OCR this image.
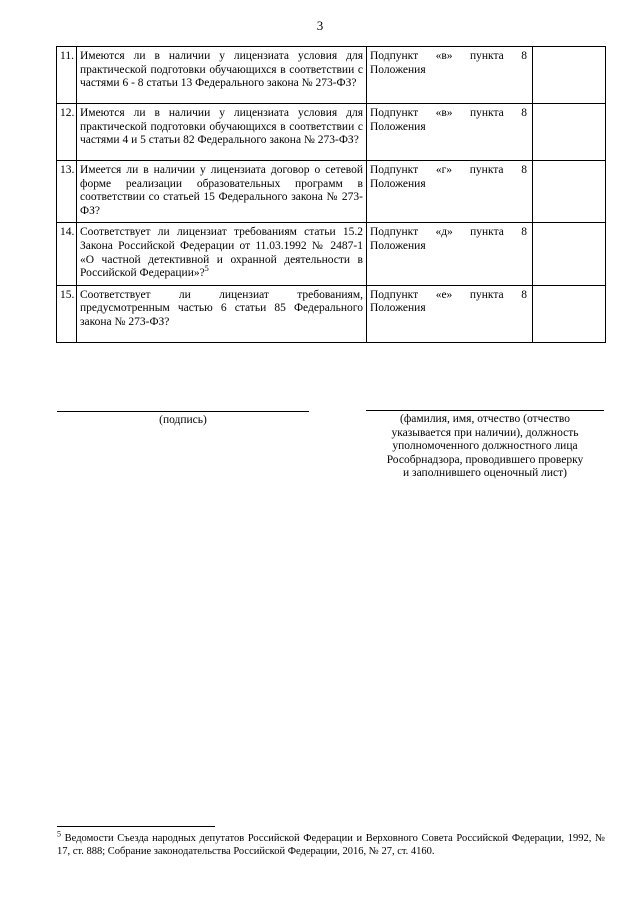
3
11.	Имеются ли в наличии у лицензиата условия для практической подготовки обучающихся в соответствии с частями 6 - 8 статьи 13 Федерального закона № 273-ФЗ?	Подпункт «в» пункта 8
Положения	

12.	Имеются ли в наличии у лицензиата условия для практической подготовки обучающихся в соответствии с частями 4 и 5 статьи 82 Федерального закона № 273-ФЗ?	Подпункт «в» пункта 8
Положения	

13.	Имеется ли в наличии у лицензиата договор о сетевой форме реализации образовательных программ в соответствии со статьей 15 Федерального закона № 273-ФЗ?	Подпункт «г» пункта 8
Положения	

14.	Соответствует ли лицензиат требованиям статьи 15.2 Закона Российской Федерации от 11.03.1992 № 2487-1 «О частной детективной и охранной деятельности в Российской Федерации»?$^5$	Подпункт «д» пункта 8
Положения	

15.	Соответствует ли лицензиат требованиям, предусмотренным частью 6 статьи 85 Федерального закона № 273-ФЗ?	Подпункт «е» пункта 8
Положения	

(подпись)	(фамилия, имя, отчество (отчество
указывается при наличии), должность
уполномоченного должностного лица
Рособрнадзора, проводившего проверку
и заполнившего оценочный лист)
$^5$ Ведомости Съезда народных депутатов Российской Федерации и Верховного Совета Российской Федерации, 1992, № 17, ст. 888; Собрание законодательства Российской Федерации, 2016, № 27, ст. 4160.
